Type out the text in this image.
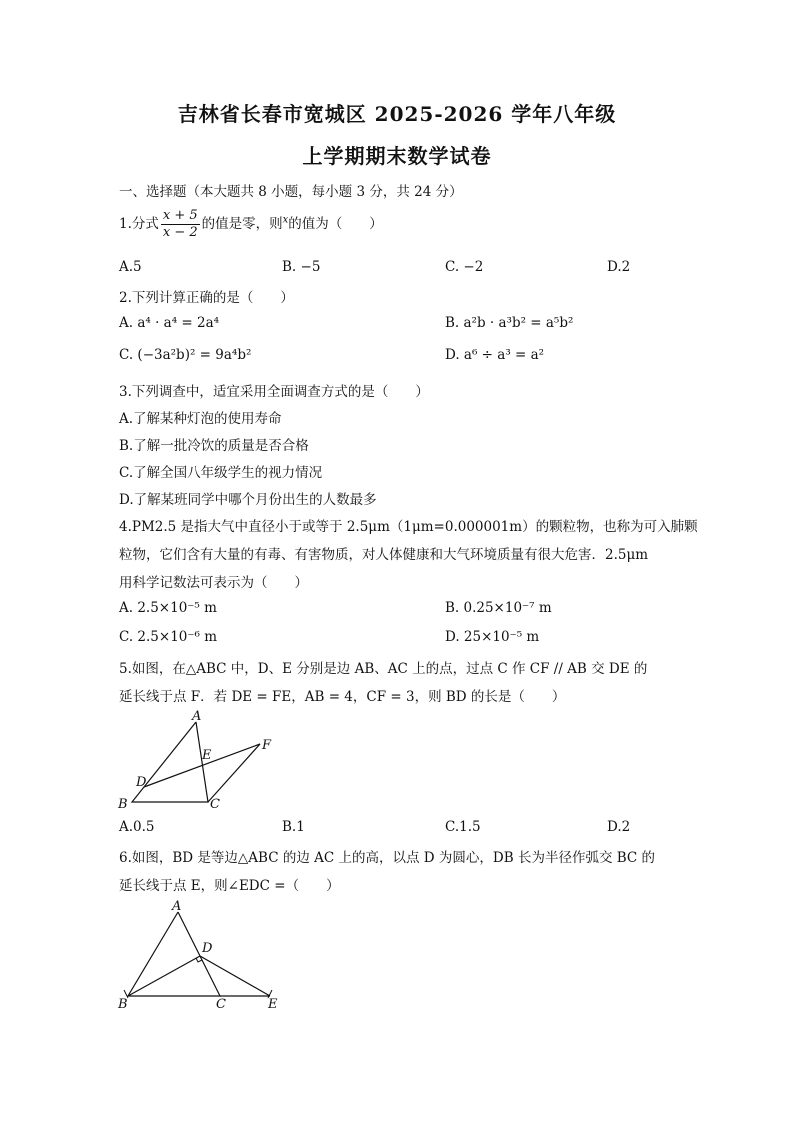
吉林省长春市宽城区 2025-2026 学年八年级
上学期期末数学试卷
一、选择题（本大题共 8 小题，每小题 3 分，共 24 分）
1.分式 $\frac{x + 5}{x - 2}$ 的值是零，则$^x$的值为（　　）
A.5	B. −5	C. −2	D.2
2.下列计算正确的是（　　）
A. a⁴ · a⁴ = 2a⁴	B. a²b · a³b² = a⁵b²
C. (−3a²b)² = 9a⁴b²	D. a⁶ ÷ a³ = a²
3.下列调查中，适宜采用全面调查方式的是（　　）
A.了解某种灯泡的使用寿命
B.了解一批冷饮的质量是否合格
C.了解全国八年级学生的视力情况
D.了解某班同学中哪个月份出生的人数最多
4.PM2.5 是指大气中直径小于或等于 2.5μm（1μm=0.000001m）的颗粒物，也称为可入肺颗
粒物，它们含有大量的有毒、有害物质，对人体健康和大气环境质量有很大危害．2.5μm
用科学记数法可表示为（　　）
A. 2.5×10⁻⁵ m	B. 0.25×10⁻⁷ m
C. 2.5×10⁻⁶ m	D. 25×10⁻⁵ m
5.如图，在△ABC 中，D、E 分别是边 AB、AC 上的点，过点 C 作 CF // AB 交 DE 的
延长线于点 F．若 DE = FE，AB = 4，CF = 3，则 BD 的长是（　　）
A
E
F
D
B	C
A.0.5	B.1	C.1.5	D.2
6.如图，BD 是等边△ABC 的边 AC 上的高，以点 D 为圆心，DB 长为半径作弧交 BC 的
延长线于点 E，则∠EDC =（　　）
A
D
B	C	E
